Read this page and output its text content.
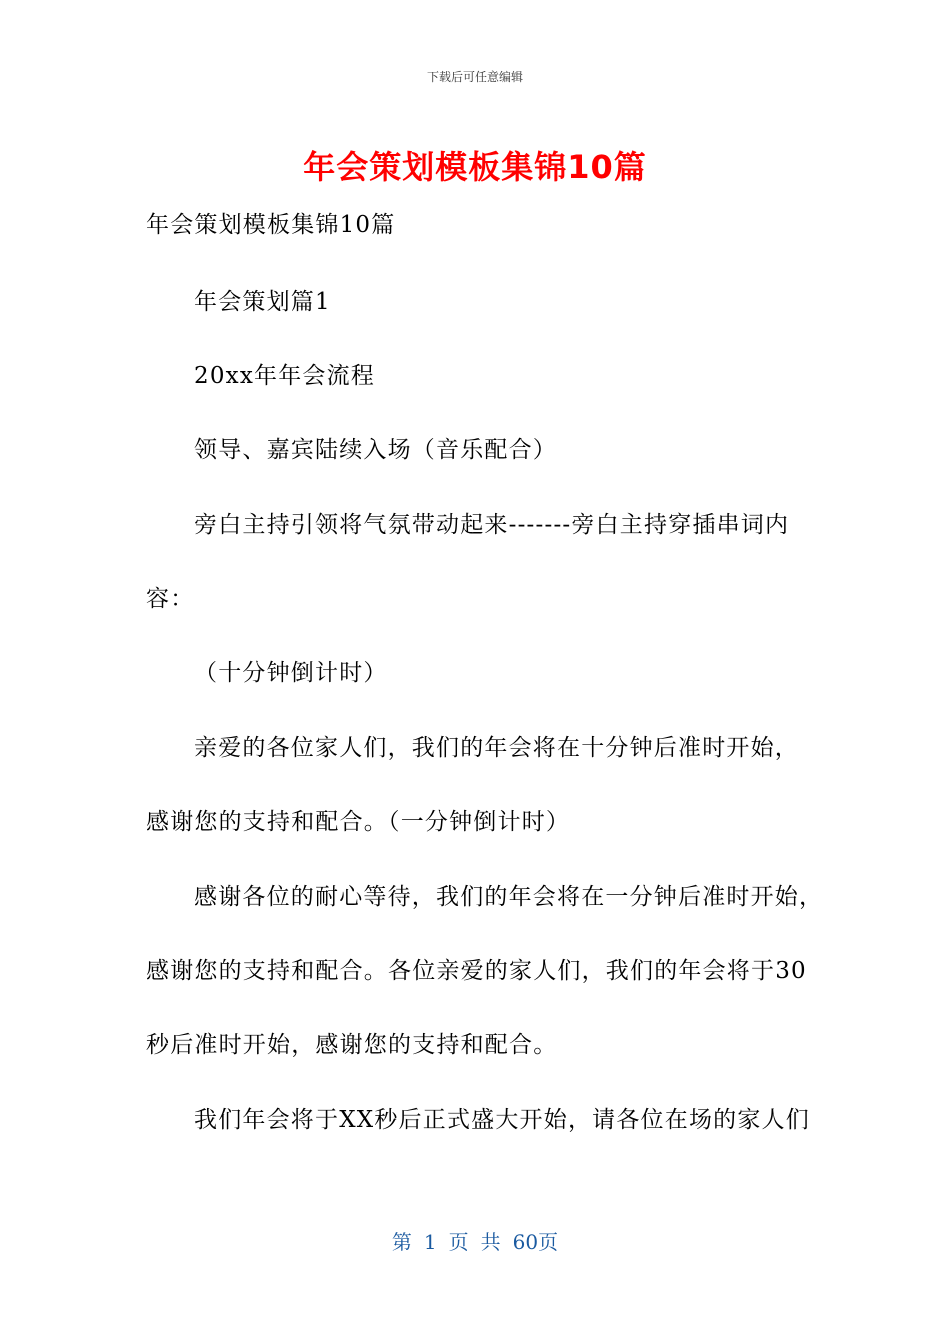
下载后可任意编辑
年会策划模板集锦10篇
年会策划模板集锦10篇
年会策划篇1
20xx年年会流程
领导、嘉宾陆续入场（音乐配合）
旁白主持引领将气氛带动起来-------旁白主持穿插串词内
容：
（十分钟倒计时）
亲爱的各位家人们，我们的年会将在十分钟后准时开始，
感谢您的支持和配合。（一分钟倒计时）
感谢各位的耐心等待，我们的年会将在一分钟后准时开始，
感谢您的支持和配合。各位亲爱的家人们，我们的年会将于30
秒后准时开始，感谢您的支持和配合。
我们年会将于XX秒后正式盛大开始，请各位在场的家人们
第 1 页 共 60页
